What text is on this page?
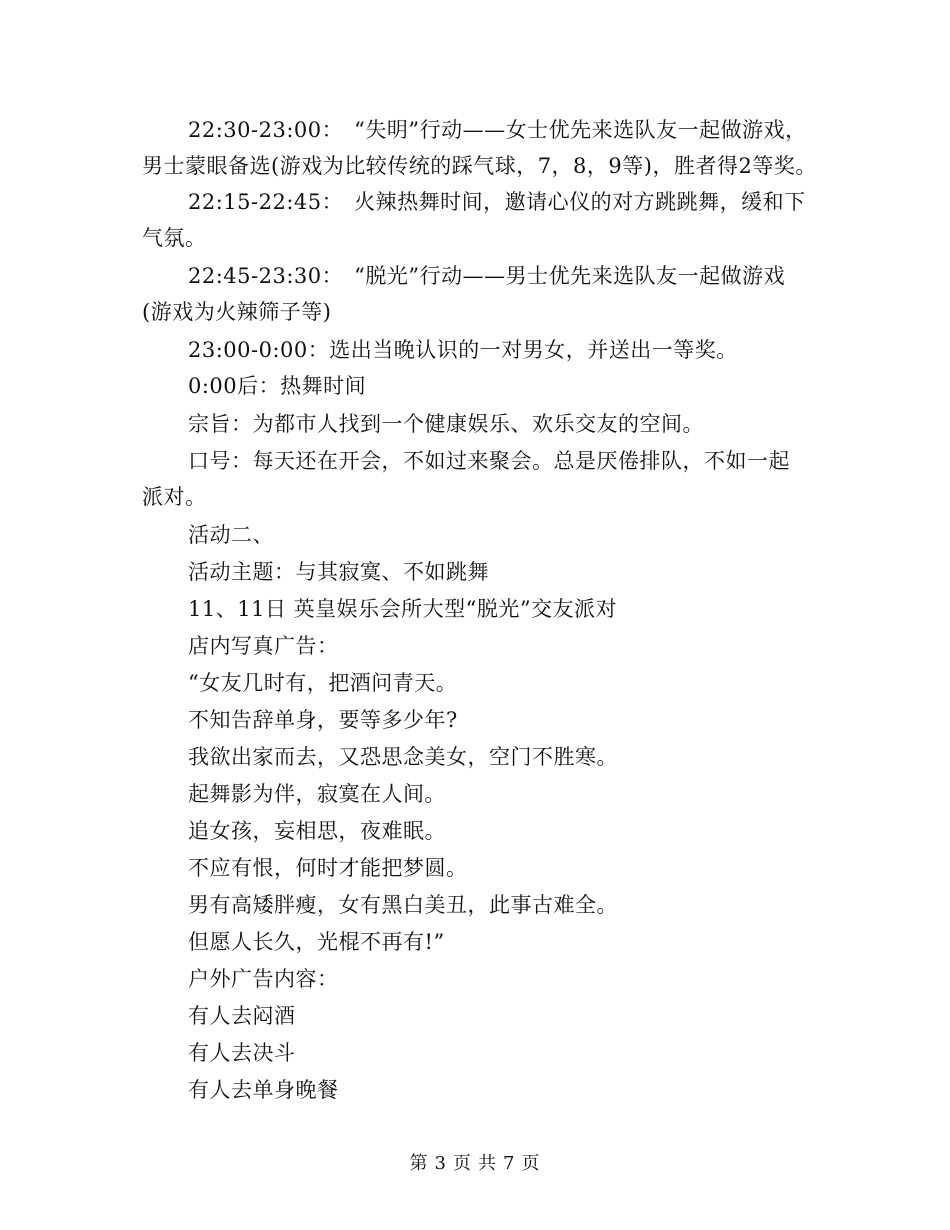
22:30-23:00：　“失明”行动——女士优先来选队友一起做游戏，
男士蒙眼备选(游戏为比较传统的踩气球，7，8，9等)，胜者得2等奖。
22:15-22:45：　火辣热舞时间，邀请心仪的对方跳跳舞，缓和下
气氛。
22:45-23:30：　“脱光”行动——男士优先来选队友一起做游戏
(游戏为火辣筛子等)
23:00-0:00：选出当晚认识的一对男女，并送出一等奖。
0:00后：热舞时间
宗旨：为都市人找到一个健康娱乐、欢乐交友的空间。
口号：每天还在开会，不如过来聚会。总是厌倦排队，不如一起
派对。
活动二、
活动主题：与其寂寞、不如跳舞
11、11日 英皇娱乐会所大型“脱光”交友派对
店内写真广告：
“女友几时有，把酒问青天。
不知告辞单身，要等多少年?
我欲出家而去，又恐思念美女，空门不胜寒。
起舞影为伴，寂寞在人间。
追女孩，妄相思，夜难眠。
不应有恨，何时才能把梦圆。
男有高矮胖瘦，女有黑白美丑，此事古难全。
但愿人长久，光棍不再有!”
户外广告内容：
有人去闷酒
有人去决斗
有人去单身晚餐
第 3 页 共 7 页
